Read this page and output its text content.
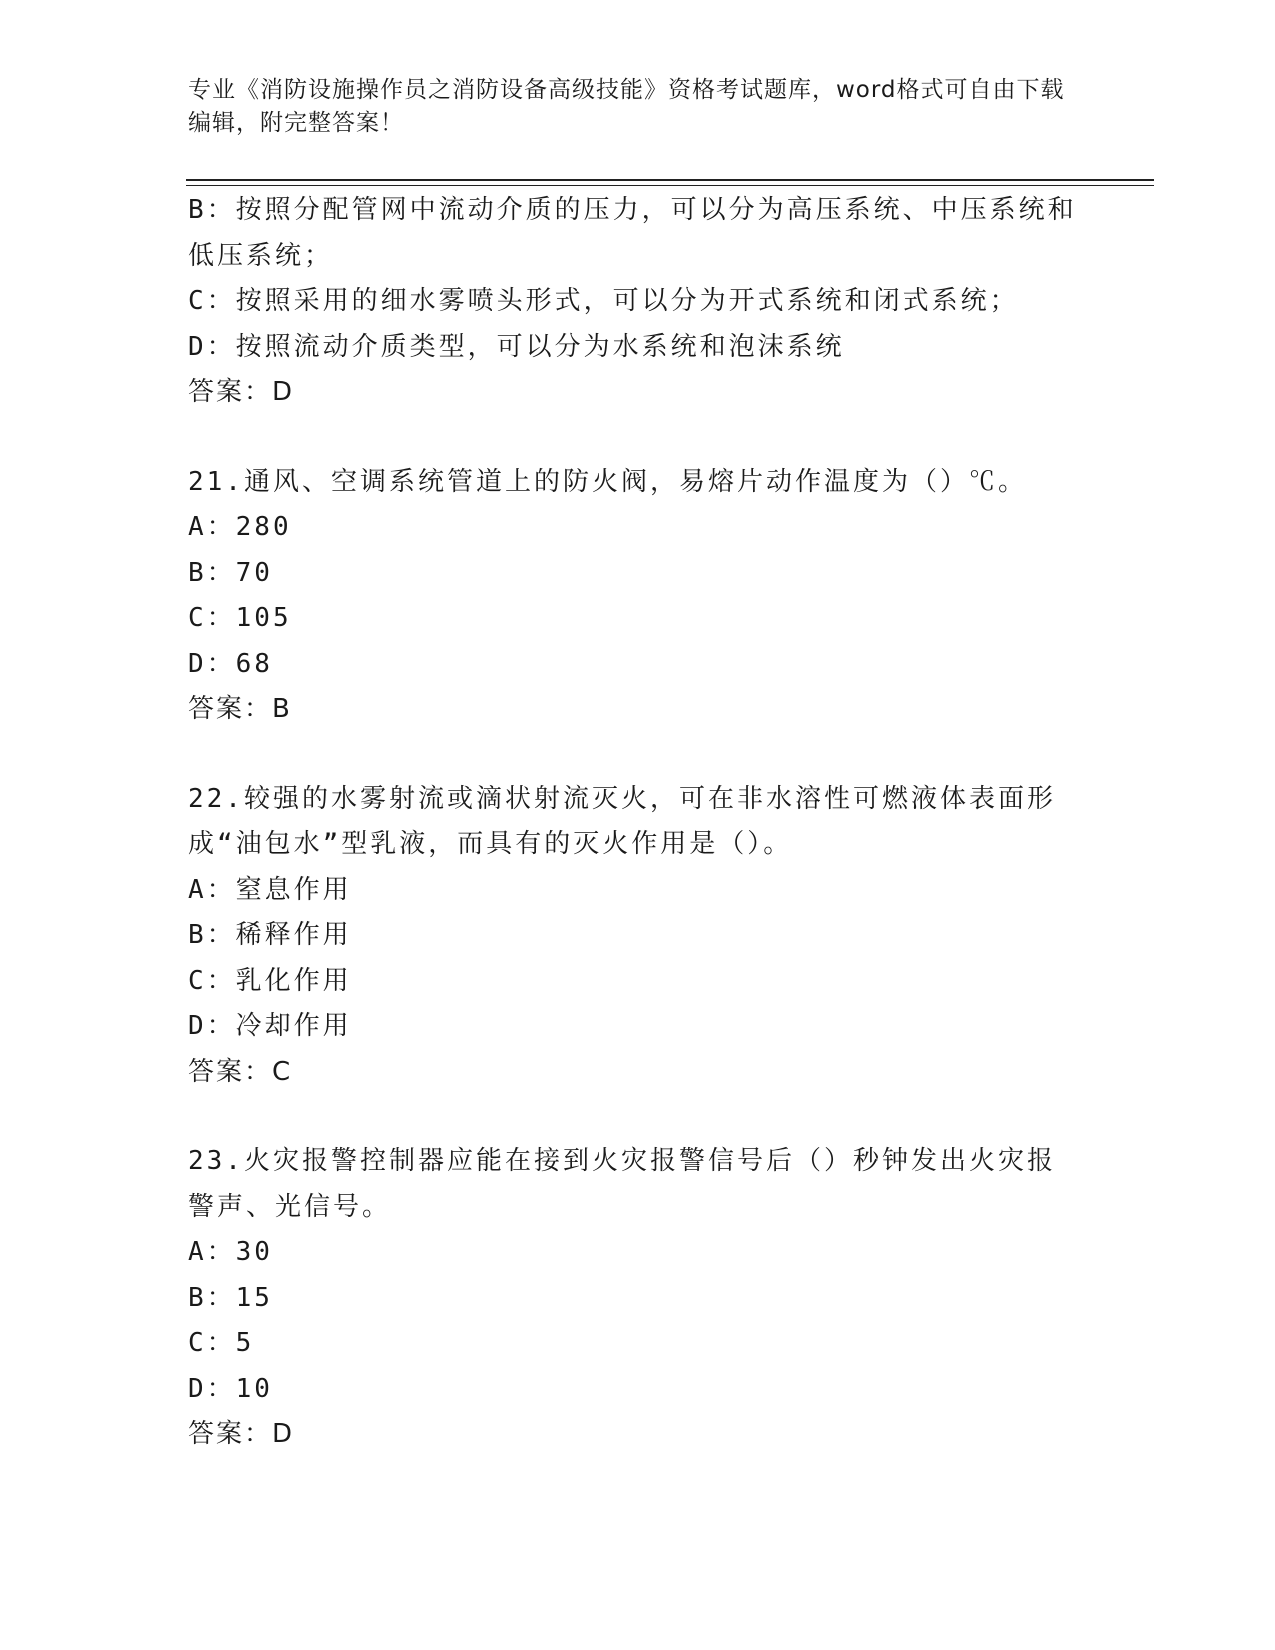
专业《消防设施操作员之消防设备高级技能》资格考试题库，word格式可自由下载编辑，附完整答案！
B：按照分配管网中流动介质的压力，可以分为高压系统、中压系统和低压系统；
C：按照采用的细水雾喷头形式，可以分为开式系统和闭式系统；
D：按照流动介质类型，可以分为水系统和泡沫系统
答案：D
21.通风、空调系统管道上的防火阀，易熔片动作温度为（）℃。
A：280
B：70
C：105
D：68
答案：B
22.较强的水雾射流或滴状射流灭火，可在非水溶性可燃液体表面形成“油包水”型乳液，而具有的灭火作用是（）。
A：窒息作用
B：稀释作用
C：乳化作用
D：冷却作用
答案：C
23.火灾报警控制器应能在接到火灾报警信号后（）秒钟发出火灾报警声、光信号。
A：30
B：15
C：5
D：10
答案：D
